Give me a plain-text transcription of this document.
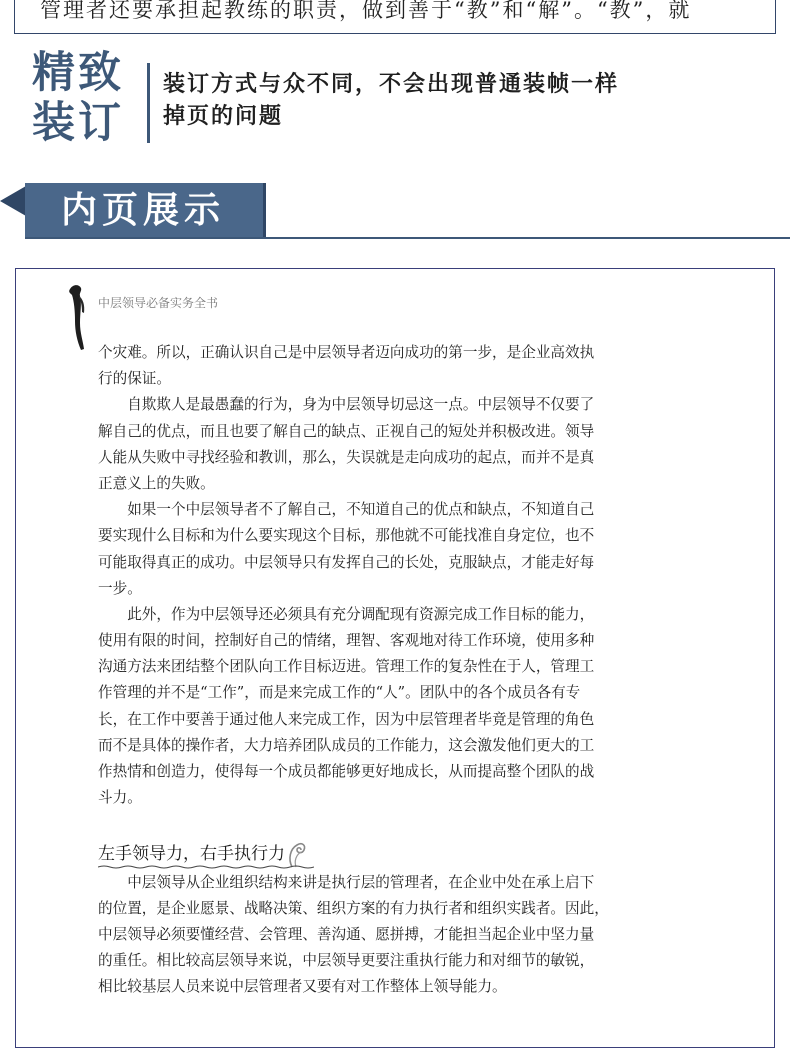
管理者还要承担起教练的职责，做到善于“教”和“解”。“教”，就
精致
装订
装订方式与众不同，不会出现普通装帧一样
掉页的问题
内页展示
中层领导必备实务全书
个灾难。所以，正确认识自己是中层领导者迈向成功的第一步，是企业高效执
行的保证。
　　自欺欺人是最愚蠢的行为，身为中层领导切忌这一点。中层领导不仅要了
解自己的优点，而且也要了解自己的缺点、正视自己的短处并积极改进。领导
人能从失败中寻找经验和教训，那么，失误就是走向成功的起点，而并不是真
正意义上的失败。
　　如果一个中层领导者不了解自己，不知道自己的优点和缺点，不知道自己
要实现什么目标和为什么要实现这个目标，那他就不可能找准自身定位，也不
可能取得真正的成功。中层领导只有发挥自己的长处，克服缺点，才能走好每
一步。
　　此外，作为中层领导还必须具有充分调配现有资源完成工作目标的能力，
使用有限的时间，控制好自己的情绪，理智、客观地对待工作环境，使用多种
沟通方法来团结整个团队向工作目标迈进。管理工作的复杂性在于人，管理工
作管理的并不是“工作”，而是来完成工作的“人”。团队中的各个成员各有专
长，在工作中要善于通过他人来完成工作，因为中层管理者毕竟是管理的角色
而不是具体的操作者，大力培养团队成员的工作能力，这会激发他们更大的工
作热情和创造力，使得每一个成员都能够更好地成长，从而提高整个团队的战
斗力。
左手领导力，右手执行力
　　中层领导从企业组织结构来讲是执行层的管理者，在企业中处在承上启下
的位置，是企业愿景、战略决策、组织方案的有力执行者和组织实践者。因此，
中层领导必须要懂经营、会管理、善沟通、愿拼搏，才能担当起企业中坚力量
的重任。相比较高层领导来说，中层领导更要注重执行能力和对细节的敏锐，
相比较基层人员来说中层管理者又要有对工作整体上领导能力。
